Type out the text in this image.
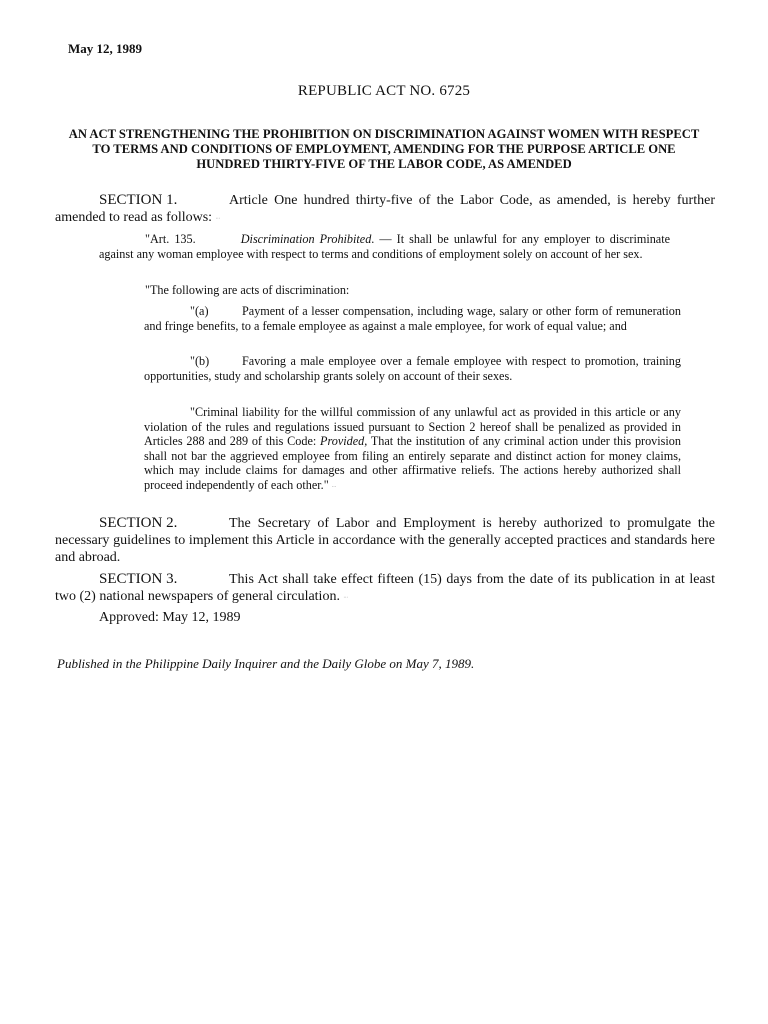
May 12, 1989
REPUBLIC ACT NO. 6725
AN ACT STRENGTHENING THE PROHIBITION ON DISCRIMINATION AGAINST WOMEN WITH RESPECT TO TERMS AND CONDITIONS OF EMPLOYMENT, AMENDING FOR THE PURPOSE ARTICLE ONE HUNDRED THIRTY-FIVE OF THE LABOR CODE, AS AMENDED
SECTION 1.	Article One hundred thirty-five of the Labor Code, as amended, is hereby further amended to read as follows: ...
"Art. 135.	Discrimination Prohibited. — It shall be unlawful for any employer to discriminate against any woman employee with respect to terms and conditions of employment solely on account of her sex.
"The following are acts of discrimination:
"(a)	Payment of a lesser compensation, including wage, salary or other form of remuneration and fringe benefits, to a female employee as against a male employee, for work of equal value; and
"(b)	Favoring a male employee over a female employee with respect to promotion, training opportunities, study and scholarship grants solely on account of their sexes.
"Criminal liability for the willful commission of any unlawful act as provided in this article or any violation of the rules and regulations issued pursuant to Section 2 hereof shall be penalized as provided in Articles 288 and 289 of this Code: Provided, That the institution of any criminal action under this provision shall not bar the aggrieved employee from filing an entirely separate and distinct action for money claims, which may include claims for damages and other affirmative reliefs. The actions hereby authorized shall proceed independently of each other." ...
SECTION 2.	The Secretary of Labor and Employment is hereby authorized to promulgate the necessary guidelines to implement this Article in accordance with the generally accepted practices and standards here and abroad.
SECTION 3.	This Act shall take effect fifteen (15) days from the date of its publication in at least two (2) national newspapers of general circulation. ...
Approved: May 12, 1989
Published in the Philippine Daily Inquirer and the Daily Globe on May 7, 1989.
